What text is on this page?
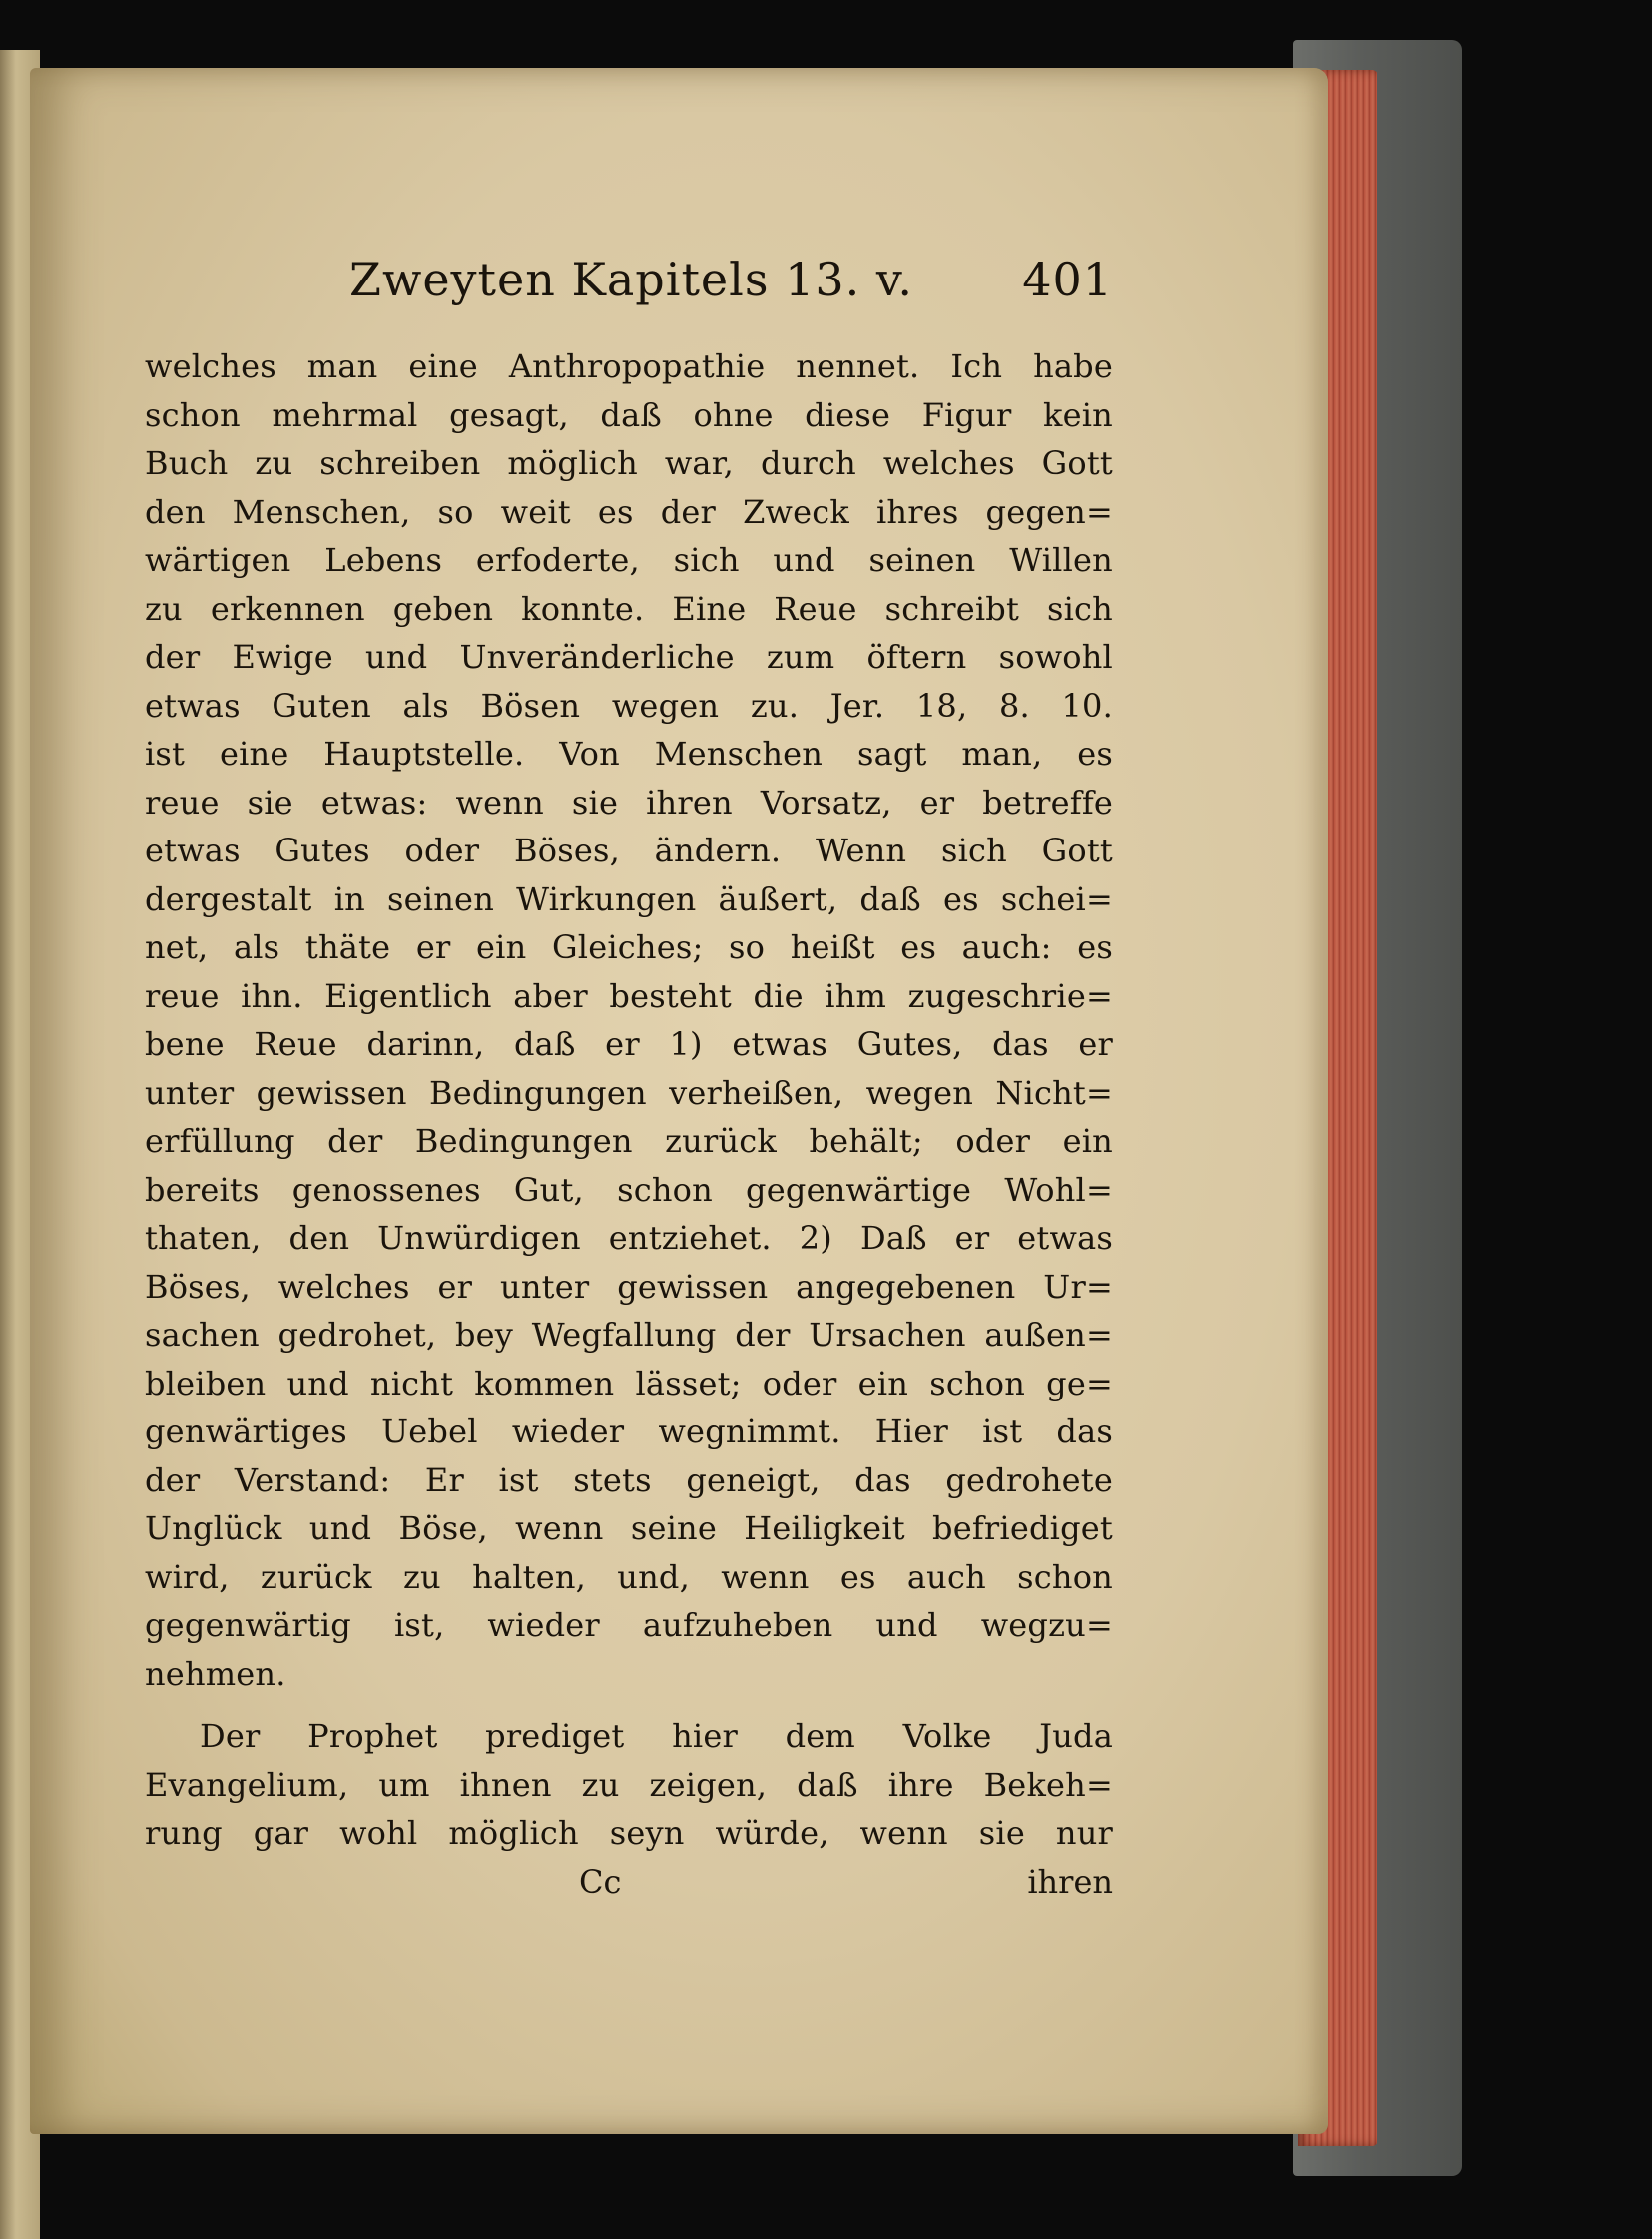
Zweyten Kapitels 13. v. 401
welches man eine Anthropopathie nennet. Ich habe
schon mehrmal gesagt, daß ohne diese Figur kein
Buch zu schreiben möglich war, durch welches Gott
den Menschen, so weit es der Zweck ihres gegen=
wärtigen Lebens erfoderte, sich und seinen Willen
zu erkennen geben konnte. Eine Reue schreibt sich
der Ewige und Unveränderliche zum öftern sowohl
etwas Guten als Bösen wegen zu. Jer. 18, 8. 10.
ist eine Hauptstelle. Von Menschen sagt man, es
reue sie etwas: wenn sie ihren Vorsatz, er betreffe
etwas Gutes oder Böses, ändern. Wenn sich Gott
dergestalt in seinen Wirkungen äußert, daß es schei=
net, als thäte er ein Gleiches; so heißt es auch: es
reue ihn. Eigentlich aber besteht die ihm zugeschrie=
bene Reue darinn, daß er 1) etwas Gutes, das er
unter gewissen Bedingungen verheißen, wegen Nicht=
erfüllung der Bedingungen zurück behält; oder ein
bereits genossenes Gut, schon gegenwärtige Wohl=
thaten, den Unwürdigen entziehet. 2) Daß er etwas
Böses, welches er unter gewissen angegebenen Ur=
sachen gedrohet, bey Wegfallung der Ursachen außen=
bleiben und nicht kommen lässet; oder ein schon ge=
genwärtiges Uebel wieder wegnimmt. Hier ist das
der Verstand: Er ist stets geneigt, das gedrohete
Unglück und Böse, wenn seine Heiligkeit befriediget
wird, zurück zu halten, und, wenn es auch schon
gegenwärtig ist, wieder aufzuheben und wegzu=
nehmen.
Der Prophet prediget hier dem Volke Juda
Evangelium, um ihnen zu zeigen, daß ihre Bekeh=
rung gar wohl möglich seyn würde, wenn sie nur
Cc	ihren
